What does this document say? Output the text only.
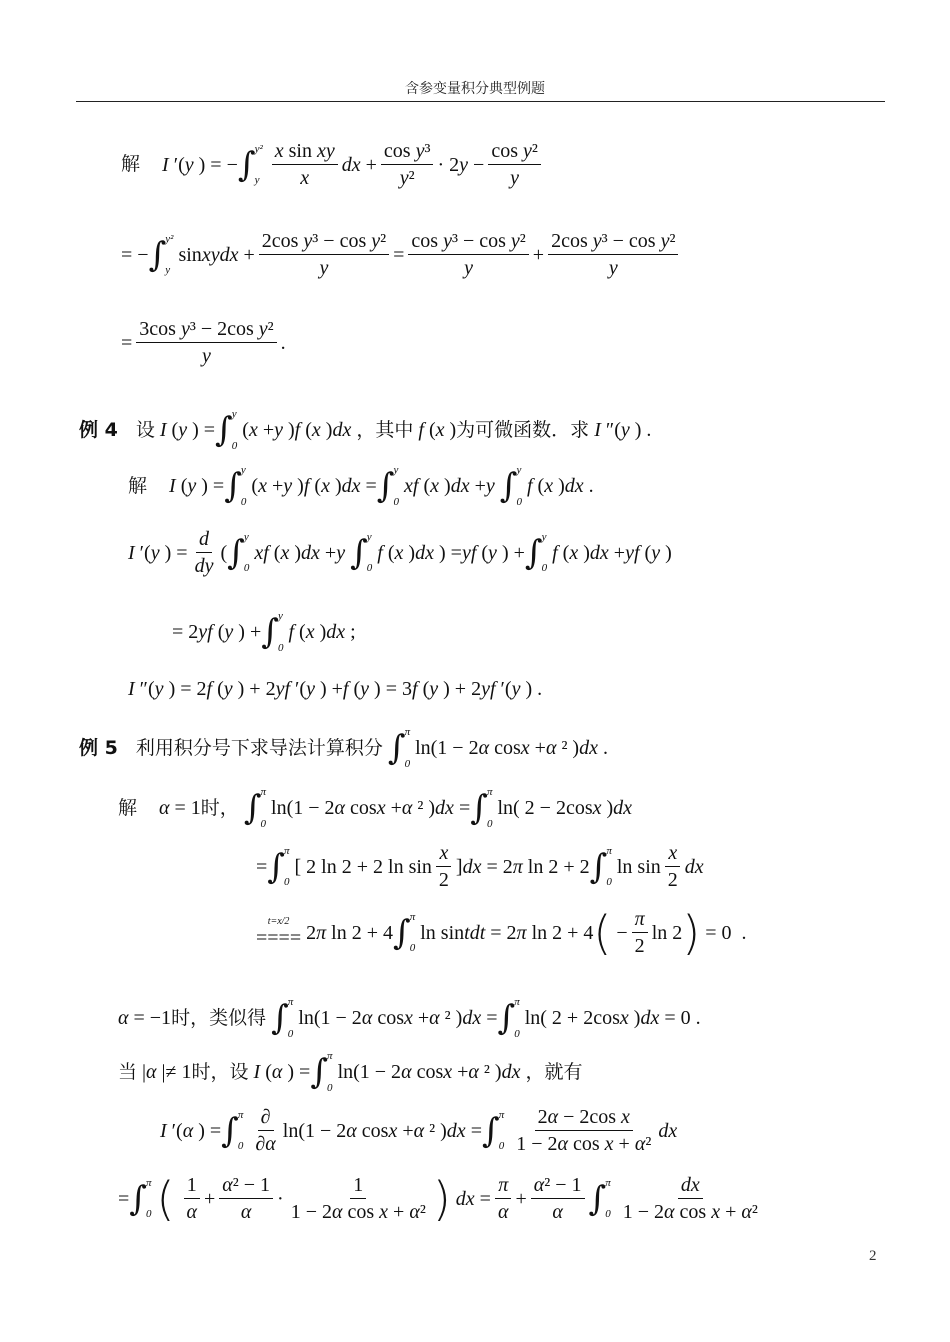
含参变量积分典型例题
解 I ′( y ) = − ∫ y²
y $\frac{\text{x sin xy}}{x}$ dx + $\frac{\text{cos y³}}{\text{y²}} \cdot 2$ $y - \frac{\text{cos y²}}{y}$
= − ∫ y²
y
sin xydx + $\frac{\text{2cos y³ − cos y²}}{y} = \frac{\text{cos y³ − cos y²}}{y} + \frac{\text{2cos y³ − cos y²}}{y}$
= $\frac{\text{3cos y³ − 2cos y²}}{y}$ .
例 4 设 I ( y ) = ∫ y
0
( x + y ) f ( x ) dx ，其中 f ( x ) 为可微函数．求 I ″( y ) .
解 I ( y ) = ∫ y
0
( x + y ) f ( x ) dx = ∫ y
0
xf ( x ) dx + y ∫ y
0
f ( x ) dx .
I ′( y ) = $\frac{d}{dy}$ ( ∫ y
0
xf ( x ) dx + y ∫ y
0
f ( x ) dx ) = yf ( y ) + ∫ y
0
f ( x ) dx + yf ( y )
= 2 yf ( y ) + ∫ y
0
f ( x ) dx ;
I ″( y ) = 2 f ( y ) + 2 yf ′( y ) + f ( y ) = 3 f ( y ) + 2 yf ′( y ) .
例 5 利用积分号下求导法计算积分 ∫ π
0
ln(1 − 2 α cos x + α ² ) dx .
解 α = 1 时， ∫ π
0
ln(1 − 2 α cos x + α ² ) dx = ∫ π
0
ln( 2 − 2cos x ) dx
= ∫ π
0
[ 2 ln 2 + 2 $\ln \sin \frac{x}{2}$ ] dx = 2 π ln 2 + 2 ∫ π
0
$\ln \sin \frac{x}{2}$ dx
t=x/2
==== 2 π ln 2 + 4 ∫ π
0
ln sin tdt = 2 π ln 2 + 4 ( − $\frac{\pi}{2}$ ln 2 ) = 0  .
α = −1 时，类似得 ∫ π
0
ln(1 − 2 α cos x + α ² ) dx = ∫ π
0
ln( 2 + 2cos x ) dx = 0 .
当 | α |≠ 1 时，设 I ( α ) = ∫ π
0
ln(1 − 2 α cos x + α ² ) dx ，就有
I ′( α ) = ∫ π
$0 \frac{\partial}{\partial\alpha} \ln(1 - 2$ α cos x + α ² ) dx = ∫ π
$0 \frac{\text{2α − 2cos x}}{\text{1 − 2α cos x + α²}}$ dx
= ∫ π
0 ( $\frac{1}{\alpha} + \frac{\text{α² − 1}}{\alpha} \cdot \frac{1}{\text{1 − 2α cos x + α²}}$ ) dx = $\frac{\pi}{\alpha} + \frac{\text{α² − 1}}{\alpha}$ ∫ π
$0 \frac{dx}{\text{1 − 2α cos x + α²}}$
2
